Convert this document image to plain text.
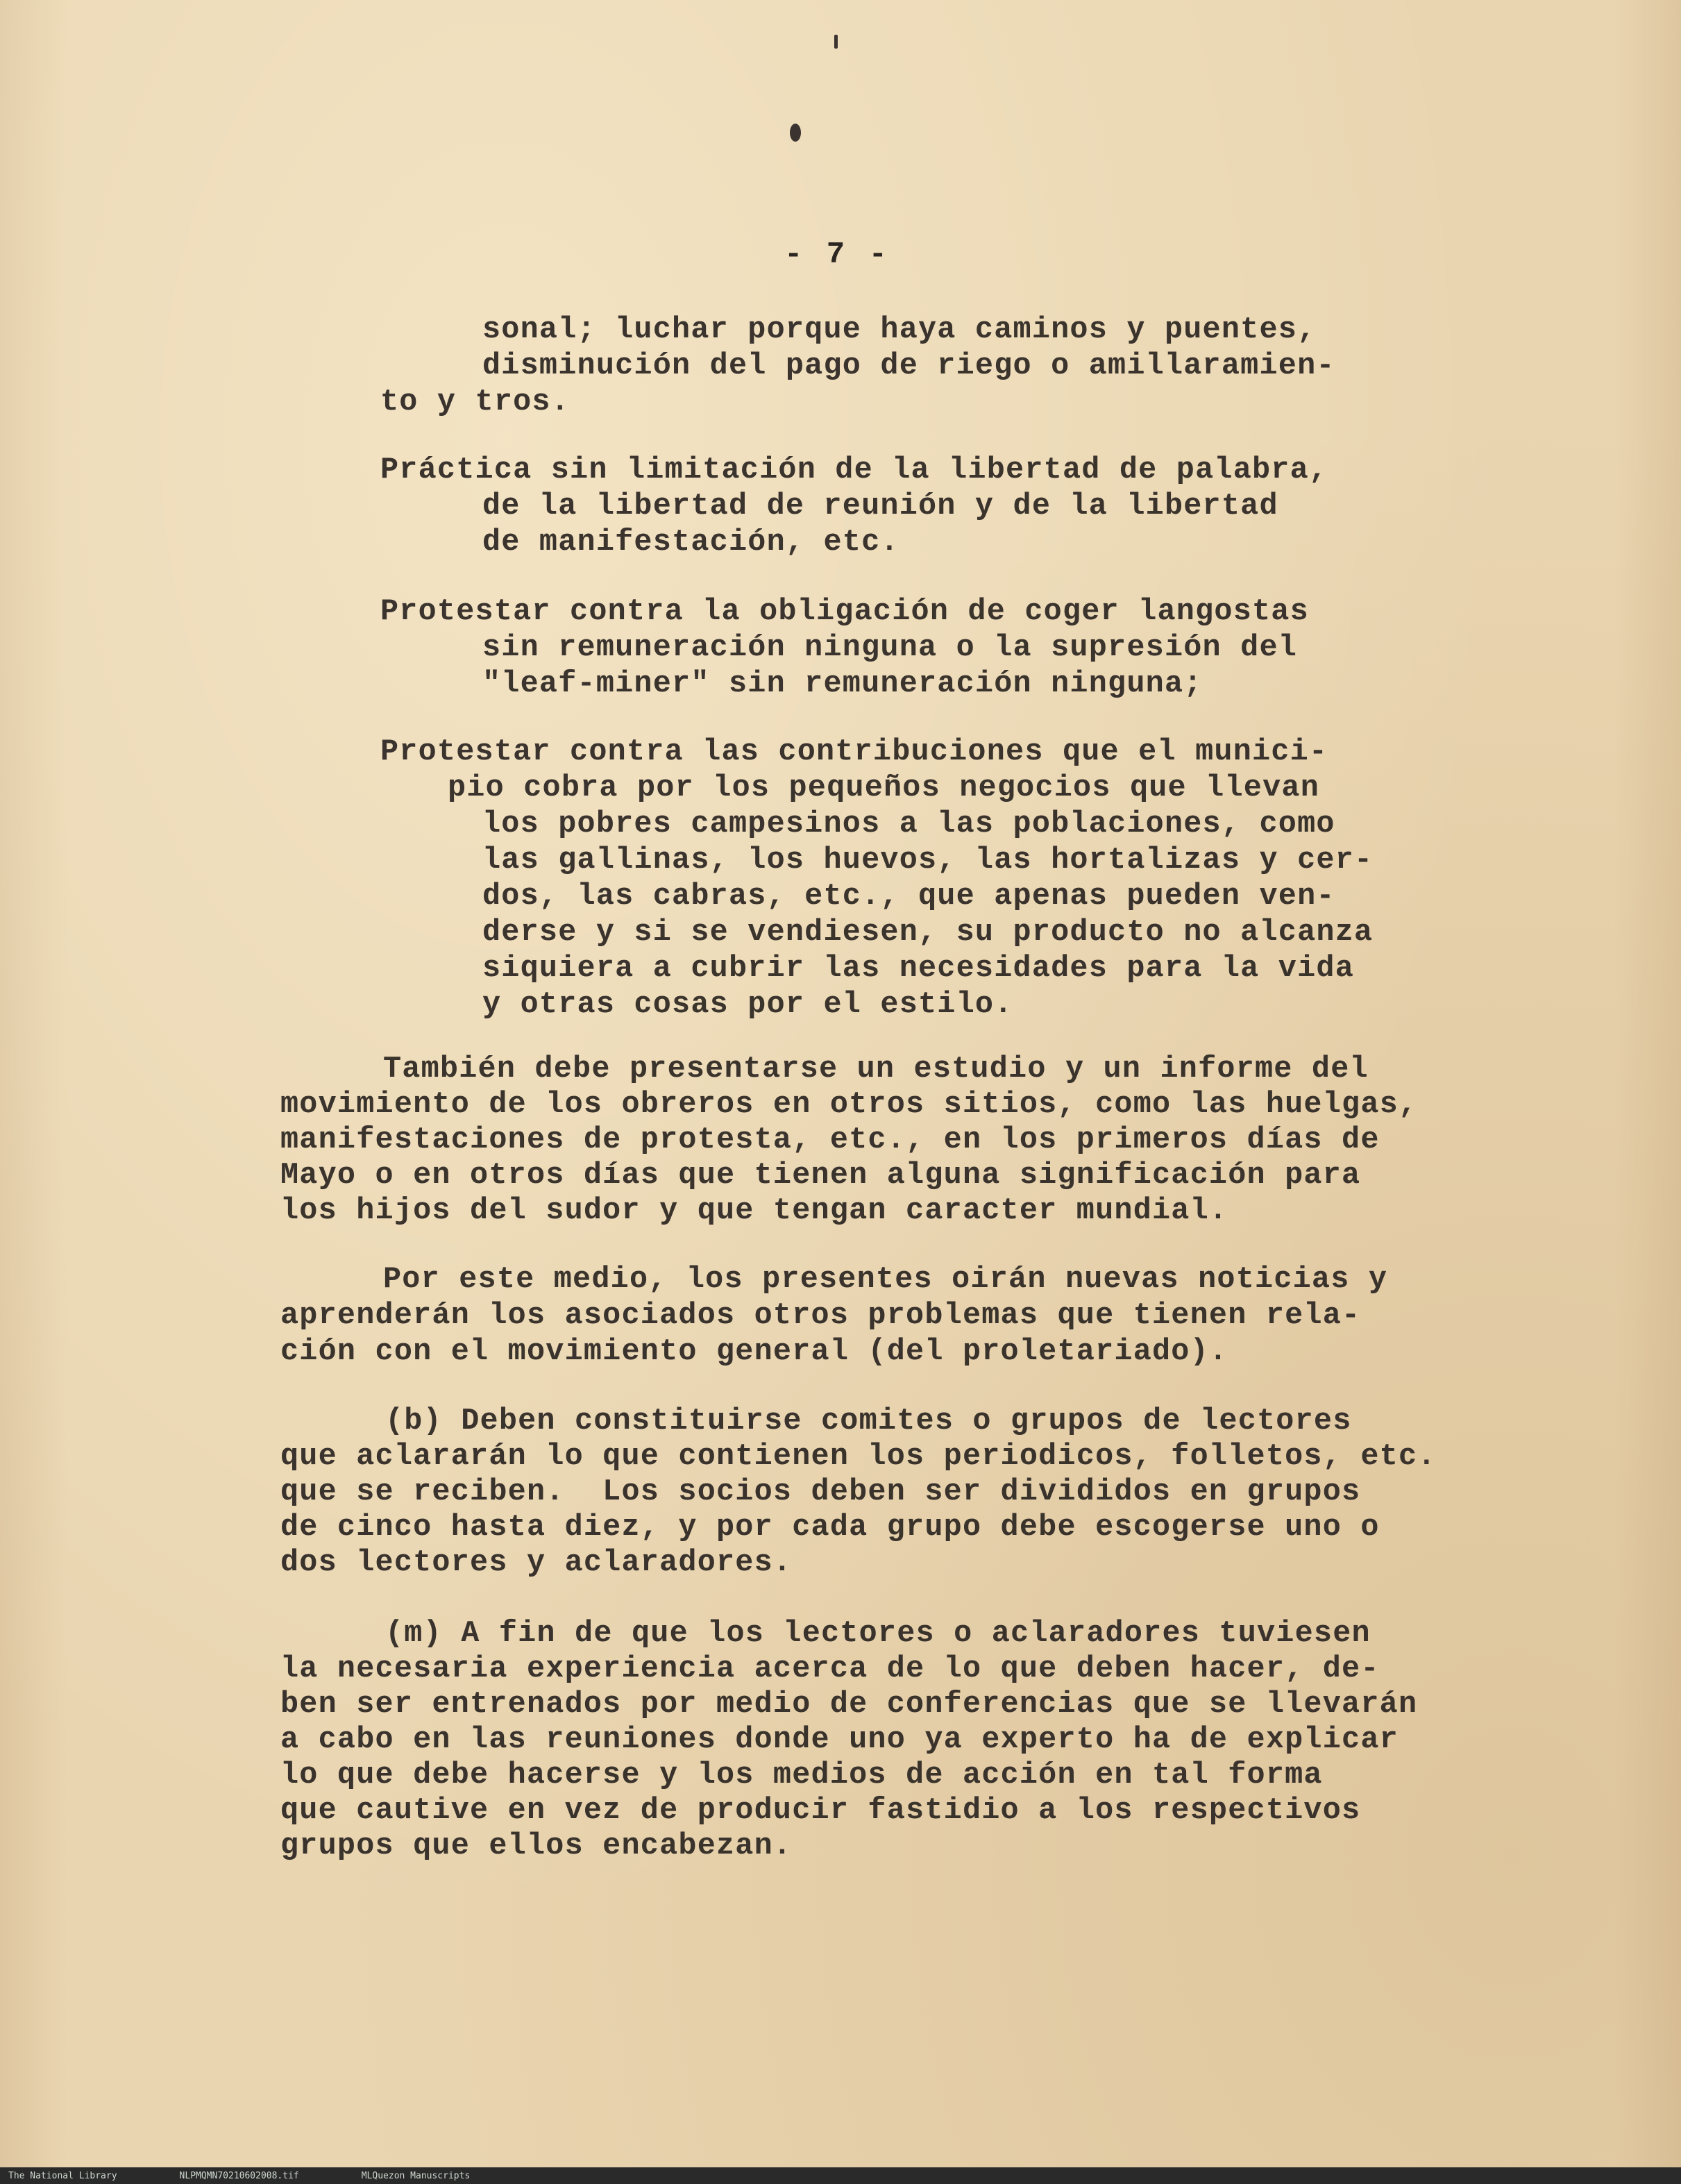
- 7 -
sonal; luchar porque haya caminos y puentes,
disminución del pago de riego o amillaramien-
to y tros.
Práctica sin limitación de la libertad de palabra,
de la libertad de reunión y de la libertad
de manifestación, etc.
Protestar contra la obligación de coger langostas
sin remuneración ninguna o la supresión del
"leaf-miner" sin remuneración ninguna;
Protestar contra las contribuciones que el munici-
pio cobra por los pequeños negocios que llevan
los pobres campesinos a las poblaciones, como
las gallinas, los huevos, las hortalizas y cer-
dos, las cabras, etc., que apenas pueden ven-
derse y si se vendiesen, su producto no alcanza
siquiera a cubrir las necesidades para la vida
y otras cosas por el estilo.
También debe presentarse un estudio y un informe del
movimiento de los obreros en otros sitios, como las huelgas,
manifestaciones de protesta, etc., en los primeros días de
Mayo o en otros días que tienen alguna significación para
los hijos del sudor y que tengan caracter mundial.
Por este medio, los presentes oirán nuevas noticias y
aprenderán los asociados otros problemas que tienen rela-
ción con el movimiento general (del proletariado).
(b) Deben constituirse comites o grupos de lectores
que aclararán lo que contienen los periodicos, folletos, etc.
que se reciben.  Los socios deben ser divididos en grupos
de cinco hasta diez, y por cada grupo debe escogerse uno o
dos lectores y aclaradores.
(m) A fin de que los lectores o aclaradores tuviesen
la necesaria experiencia acerca de lo que deben hacer, de-
ben ser entrenados por medio de conferencias que se llevarán
a cabo en las reuniones donde uno ya experto ha de explicar
lo que debe hacerse y los medios de acción en tal forma
que cautive en vez de producir fastidio a los respectivos
grupos que ellos encabezan.
The National Library	NLPMQMN70210602008.tif	MLQuezon Manuscripts
